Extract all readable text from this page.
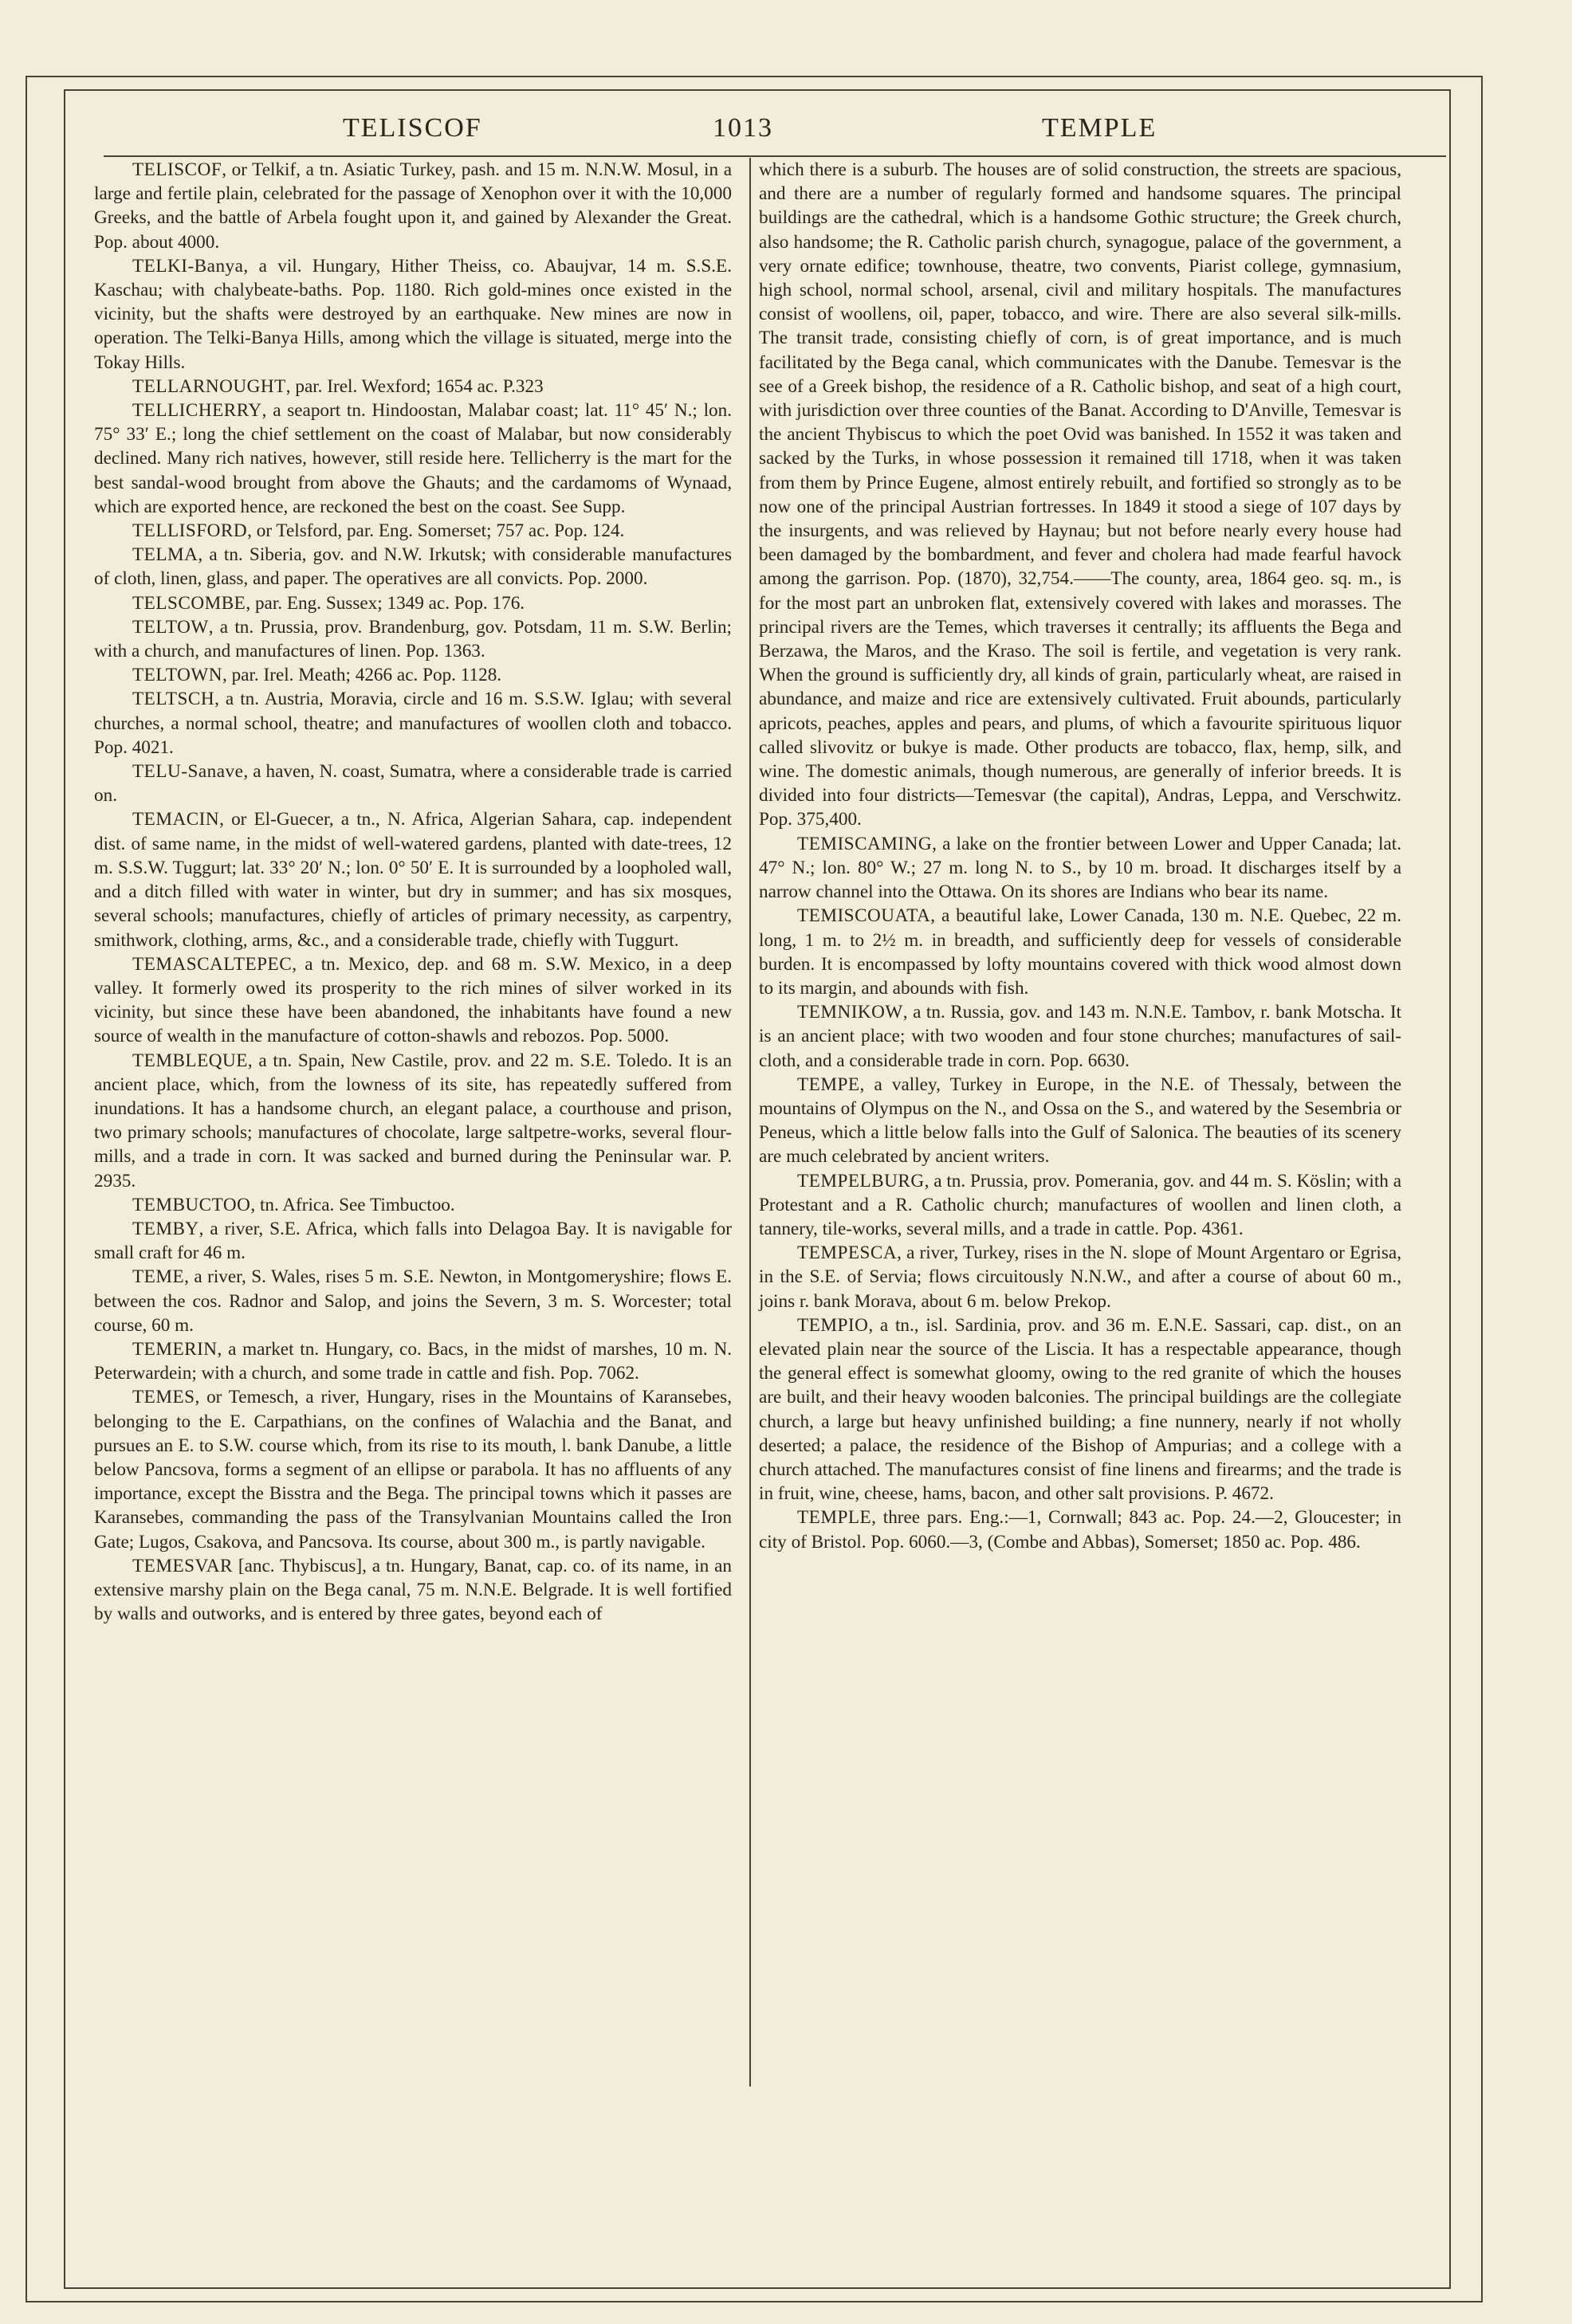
TELISCOF	1013	TEMPLE

TELISCOF, or Telkif, a tn. Asiatic Turkey, pash. and 15 m. N.N.W. Mosul, in a large and fertile plain, celebrated for the passage of Xenophon over it with the 10,000 Greeks, and the battle of Arbela fought upon it, and gained by Alexander the Great. Pop. about 4000.

TELKI-Banya, a vil. Hungary, Hither Theiss, co. Abaujvar, 14 m. S.S.E. Kaschau; with chalybeate-baths. Pop. 1180. Rich gold-mines once existed in the vicinity, but the shafts were destroyed by an earthquake. New mines are now in operation. The Telki-Banya Hills, among which the village is situated, merge into the Tokay Hills.

TELLARNOUGHT, par. Irel. Wexford; 1654 ac. P.323

TELLICHERRY, a seaport tn. Hindoostan, Malabar coast; lat. 11° 45′ N.; lon. 75° 33′ E.; long the chief settlement on the coast of Malabar, but now considerably declined. Many rich natives, however, still reside here. Tellicherry is the mart for the best sandal-wood brought from above the Ghauts; and the cardamoms of Wynaad, which are exported hence, are reckoned the best on the coast. See Supp.

TELLISFORD, or Telsford, par. Eng. Somerset; 757 ac. Pop. 124.

TELMA, a tn. Siberia, gov. and N.W. Irkutsk; with considerable manufactures of cloth, linen, glass, and paper. The operatives are all convicts. Pop. 2000.

TELSCOMBE, par. Eng. Sussex; 1349 ac. Pop. 176.

TELTOW, a tn. Prussia, prov. Brandenburg, gov. Potsdam, 11 m. S.W. Berlin; with a church, and manufactures of linen. Pop. 1363.

TELTOWN, par. Irel. Meath; 4266 ac. Pop. 1128.

TELTSCH, a tn. Austria, Moravia, circle and 16 m. S.S.W. Iglau; with several churches, a normal school, theatre; and manufactures of woollen cloth and tobacco. Pop. 4021.

TELU-Sanave, a haven, N. coast, Sumatra, where a considerable trade is carried on.

TEMACIN, or El-Guecer, a tn., N. Africa, Algerian Sahara, cap. independent dist. of same name, in the midst of well-watered gardens, planted with date-trees, 12 m. S.S.W. Tuggurt; lat. 33° 20′ N.; lon. 0° 50′ E. It is surrounded by a loopholed wall, and a ditch filled with water in winter, but dry in summer; and has six mosques, several schools; manufactures, chiefly of articles of primary necessity, as carpentry, smithwork, clothing, arms, &c., and a considerable trade, chiefly with Tuggurt.

TEMASCALTEPEC, a tn. Mexico, dep. and 68 m. S.W. Mexico, in a deep valley. It formerly owed its prosperity to the rich mines of silver worked in its vicinity, but since these have been abandoned, the inhabitants have found a new source of wealth in the manufacture of cotton-shawls and rebozos. Pop. 5000.

TEMBLEQUE, a tn. Spain, New Castile, prov. and 22 m. S.E. Toledo. It is an ancient place, which, from the lowness of its site, has repeatedly suffered from inundations. It has a handsome church, an elegant palace, a courthouse and prison, two primary schools; manufactures of chocolate, large saltpetre-works, several flour-mills, and a trade in corn. It was sacked and burned during the Peninsular war. P. 2935.

TEMBUCTOO, tn. Africa. See Timbuctoo.

TEMBY, a river, S.E. Africa, which falls into Delagoa Bay. It is navigable for small craft for 46 m.

TEME, a river, S. Wales, rises 5 m. S.E. Newton, in Montgomeryshire; flows E. between the cos. Radnor and Salop, and joins the Severn, 3 m. S. Worcester; total course, 60 m.

TEMERIN, a market tn. Hungary, co. Bacs, in the midst of marshes, 10 m. N. Peterwardein; with a church, and some trade in cattle and fish. Pop. 7062.

TEMES, or Temesch, a river, Hungary, rises in the Mountains of Karansebes, belonging to the E. Carpathians, on the confines of Walachia and the Banat, and pursues an E. to S.W. course which, from its rise to its mouth, l. bank Danube, a little below Pancsova, forms a segment of an ellipse or parabola. It has no affluents of any importance, except the Bisstra and the Bega. The principal towns which it passes are Karansebes, commanding the pass of the Transylvanian Mountains called the Iron Gate; Lugos, Csakova, and Pancsova. Its course, about 300 m., is partly navigable.

TEMESVAR [anc. Thybiscus], a tn. Hungary, Banat, cap. co. of its name, in an extensive marshy plain on the Bega canal, 75 m. N.N.E. Belgrade. It is well fortified by walls and outworks, and is entered by three gates, beyond each of

which there is a suburb. The houses are of solid construction, the streets are spacious, and there are a number of regularly formed and handsome squares. The principal buildings are the cathedral, which is a handsome Gothic structure; the Greek church, also handsome; the R. Catholic parish church, synagogue, palace of the government, a very ornate edifice; townhouse, theatre, two convents, Piarist college, gymnasium, high school, normal school, arsenal, civil and military hospitals. The manufactures consist of woollens, oil, paper, tobacco, and wire. There are also several silk-mills. The transit trade, consisting chiefly of corn, is of great importance, and is much facilitated by the Bega canal, which communicates with the Danube. Temesvar is the see of a Greek bishop, the residence of a R. Catholic bishop, and seat of a high court, with jurisdiction over three counties of the Banat. According to D'Anville, Temesvar is the ancient Thybiscus to which the poet Ovid was banished. In 1552 it was taken and sacked by the Turks, in whose possession it remained till 1718, when it was taken from them by Prince Eugene, almost entirely rebuilt, and fortified so strongly as to be now one of the principal Austrian fortresses. In 1849 it stood a siege of 107 days by the insurgents, and was relieved by Haynau; but not before nearly every house had been damaged by the bombardment, and fever and cholera had made fearful havock among the garrison. Pop. (1870), 32,754.——The county, area, 1864 geo. sq. m., is for the most part an unbroken flat, extensively covered with lakes and morasses. The principal rivers are the Temes, which traverses it centrally; its affluents the Bega and Berzawa, the Maros, and the Kraso. The soil is fertile, and vegetation is very rank. When the ground is sufficiently dry, all kinds of grain, particularly wheat, are raised in abundance, and maize and rice are extensively cultivated. Fruit abounds, particularly apricots, peaches, apples and pears, and plums, of which a favourite spirituous liquor called slivovitz or bukye is made. Other products are tobacco, flax, hemp, silk, and wine. The domestic animals, though numerous, are generally of inferior breeds. It is divided into four districts—Temesvar (the capital), Andras, Leppa, and Verschwitz. Pop. 375,400.

TEMISCAMING, a lake on the frontier between Lower and Upper Canada; lat. 47° N.; lon. 80° W.; 27 m. long N. to S., by 10 m. broad. It discharges itself by a narrow channel into the Ottawa. On its shores are Indians who bear its name.

TEMISCOUATA, a beautiful lake, Lower Canada, 130 m. N.E. Quebec, 22 m. long, 1 m. to 2½ m. in breadth, and sufficiently deep for vessels of considerable burden. It is encompassed by lofty mountains covered with thick wood almost down to its margin, and abounds with fish.

TEMNIKOW, a tn. Russia, gov. and 143 m. N.N.E. Tambov, r. bank Motscha. It is an ancient place; with two wooden and four stone churches; manufactures of sail-cloth, and a considerable trade in corn. Pop. 6630.

TEMPE, a valley, Turkey in Europe, in the N.E. of Thessaly, between the mountains of Olympus on the N., and Ossa on the S., and watered by the Sesembria or Peneus, which a little below falls into the Gulf of Salonica. The beauties of its scenery are much celebrated by ancient writers.

TEMPELBURG, a tn. Prussia, prov. Pomerania, gov. and 44 m. S. Köslin; with a Protestant and a R. Catholic church; manufactures of woollen and linen cloth, a tannery, tile-works, several mills, and a trade in cattle. Pop. 4361.

TEMPESCA, a river, Turkey, rises in the N. slope of Mount Argentaro or Egrisa, in the S.E. of Servia; flows circuitously N.N.W., and after a course of about 60 m., joins r. bank Morava, about 6 m. below Prekop.

TEMPIO, a tn., isl. Sardinia, prov. and 36 m. E.N.E. Sassari, cap. dist., on an elevated plain near the source of the Liscia. It has a respectable appearance, though the general effect is somewhat gloomy, owing to the red granite of which the houses are built, and their heavy wooden balconies. The principal buildings are the collegiate church, a large but heavy unfinished building; a fine nunnery, nearly if not wholly deserted; a palace, the residence of the Bishop of Ampurias; and a college with a church attached. The manufactures consist of fine linens and firearms; and the trade is in fruit, wine, cheese, hams, bacon, and other salt provisions. P. 4672.

TEMPLE, three pars. Eng.:—1, Cornwall; 843 ac. Pop. 24.—2, Gloucester; in city of Bristol. Pop. 6060.—3, (Combe and Abbas), Somerset; 1850 ac. Pop. 486.
